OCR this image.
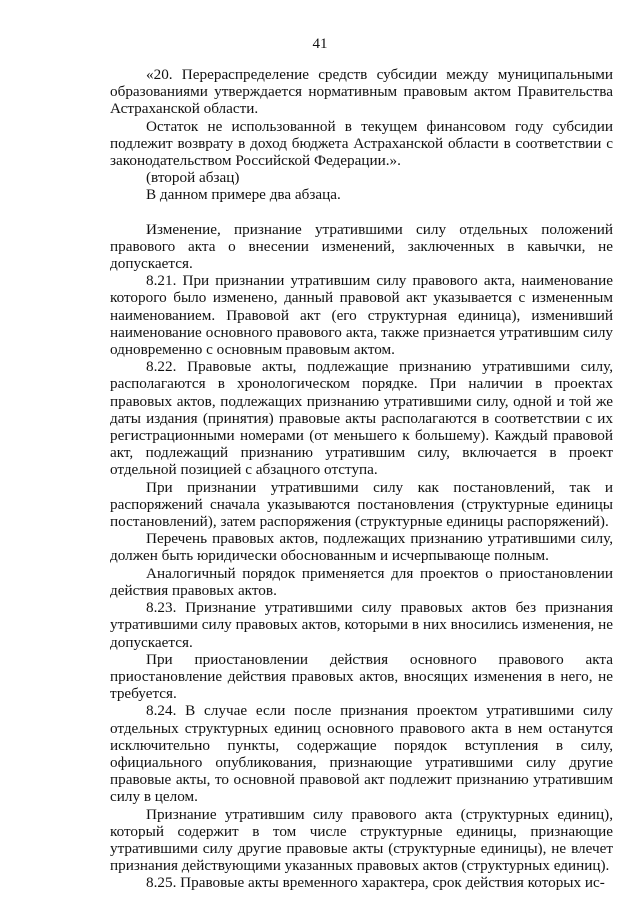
41

«20. Перераспределение средств субсидии между муниципальными образованиями утверждается нормативным правовым актом Правительства Астраханской области.

Остаток не использованной в текущем финансовом году субсидии подлежит возврату в доход бюджета Астраханской области в соответствии с законодательством Российской Федерации.».

(второй абзац)

В данном примере два абзаца.

Изменение, признание утратившими силу отдельных положений правового акта о внесении изменений, заключенных в кавычки, не допускается.

8.21. При признании утратившим силу правового акта, наименование которого было изменено, данный правовой акт указывается с измененным наименованием. Правовой акт (его структурная единица), изменивший наименование основного правового акта, также признается утратившим силу одновременно с основным правовым актом.

8.22. Правовые акты, подлежащие признанию утратившими силу, располагаются в хронологическом порядке. При наличии в проектах правовых актов, подлежащих признанию утратившими силу, одной и той же даты издания (принятия) правовые акты располагаются в соответствии с их регистрационными номерами (от меньшего к большему). Каждый правовой акт, подлежащий признанию утратившим силу, включается в проект отдельной позицией с абзацного отступа.

При признании утратившими силу как постановлений, так и распоряжений сначала указываются постановления (структурные единицы постановлений), затем распоряжения (структурные единицы распоряжений).

Перечень правовых актов, подлежащих признанию утратившими силу, должен быть юридически обоснованным и исчерпывающе полным.

Аналогичный порядок применяется для проектов о приостановлении действия правовых актов.

8.23. Признание утратившими силу правовых актов без признания утратившими силу правовых актов, которыми в них вносились изменения, не допускается.

При приостановлении действия основного правового акта приостановление действия правовых актов, вносящих изменения в него, не требуется.

8.24. В случае если после признания проектом утратившими силу отдельных структурных единиц основного правового акта в нем останутся исключительно пункты, содержащие порядок вступления в силу, официального опубликования, признающие утратившими силу другие правовые акты, то основной правовой акт подлежит признанию утратившим силу в целом.

Признание утратившим силу правового акта (структурных единиц), который содержит в том числе структурные единицы, признающие утратившими силу другие правовые акты (структурные единицы), не влечет признания действующими указанных правовых актов (структурных единиц).

8.25. Правовые акты временного характера, срок действия которых ис-
